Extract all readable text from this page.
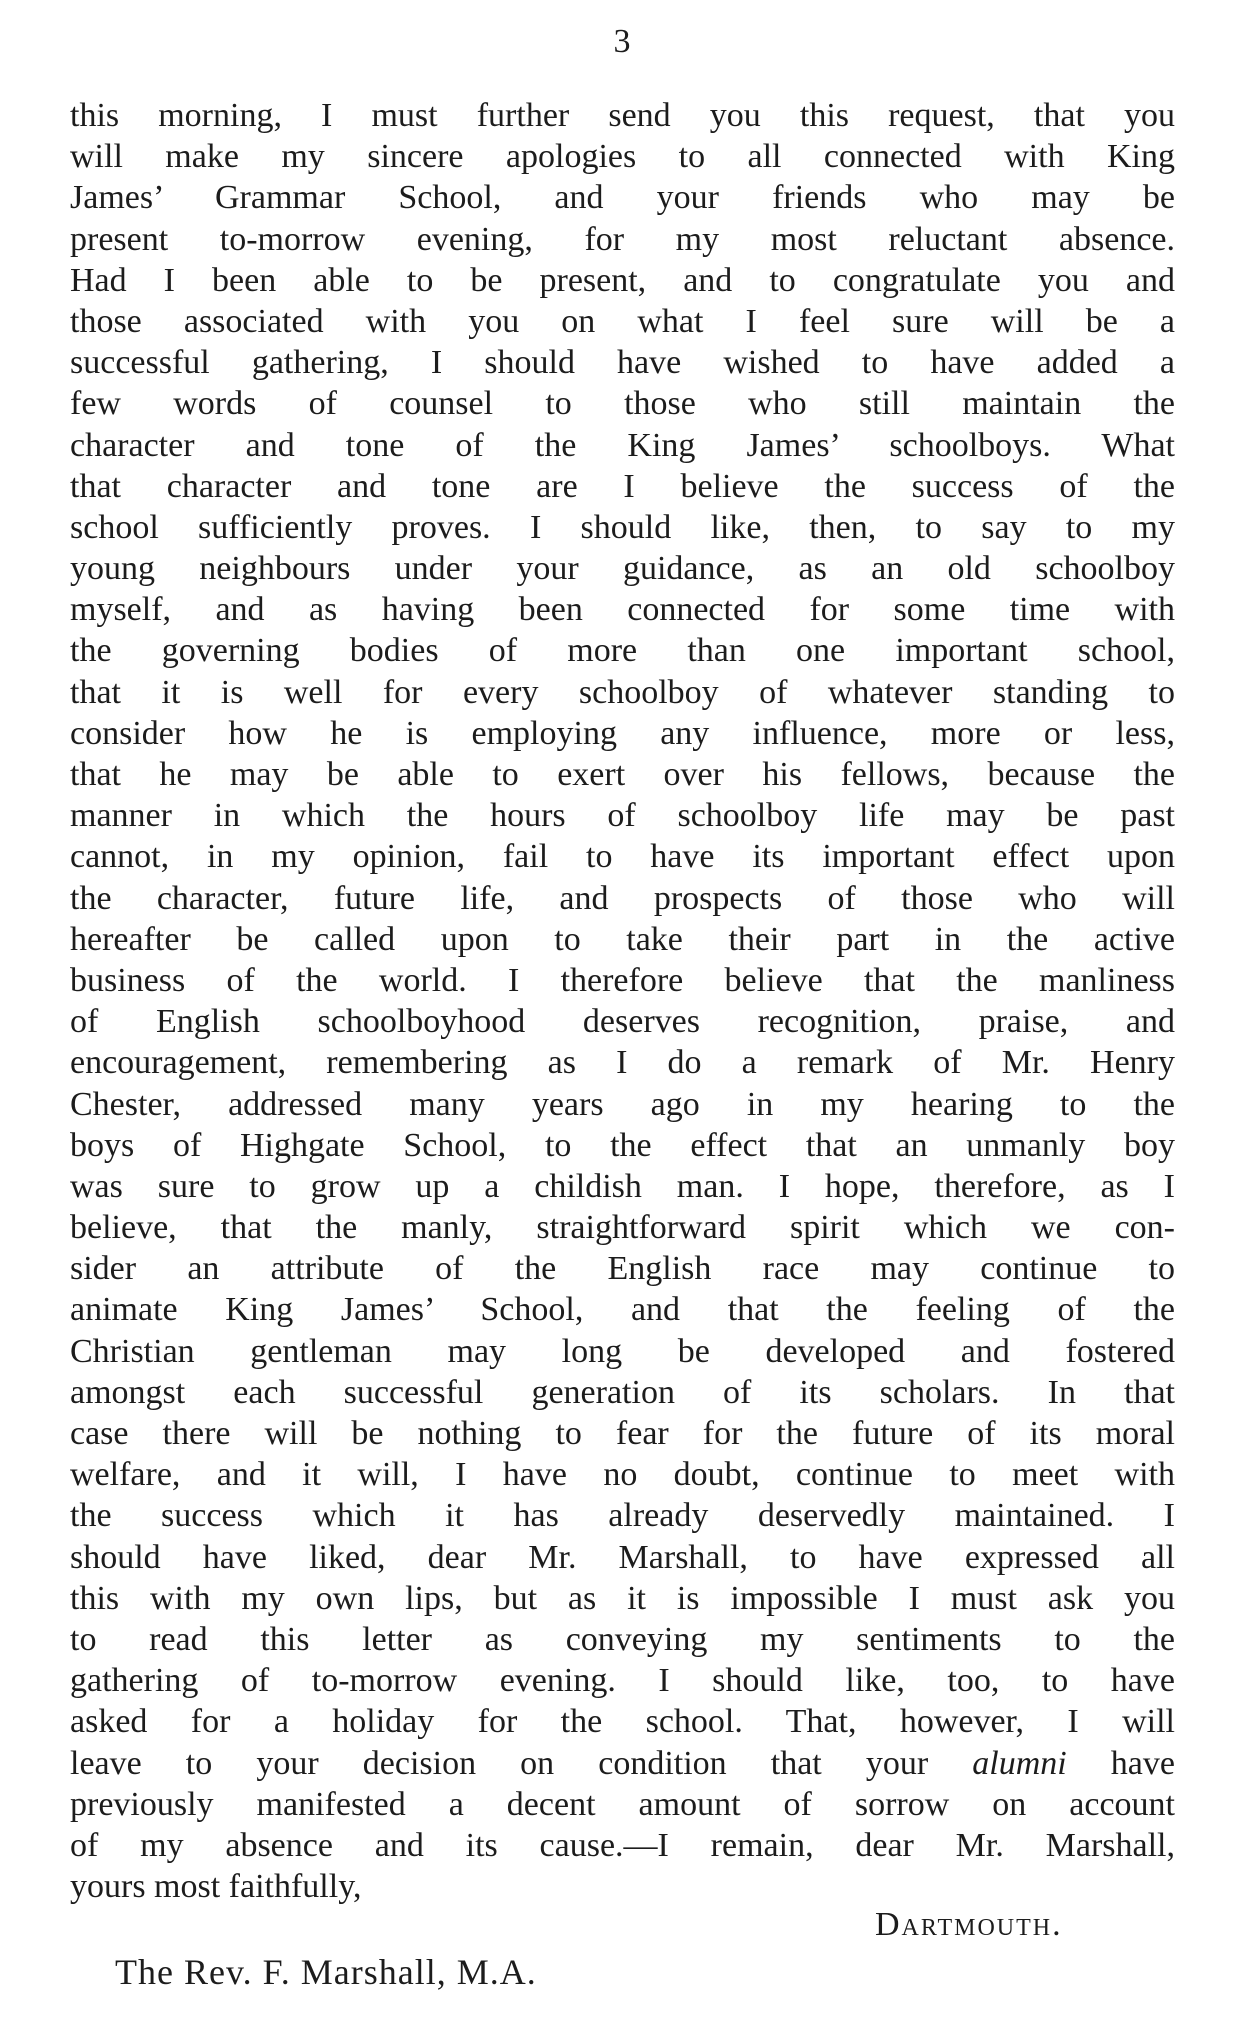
3
this morning, I must further send you this request, that you
will make my sincere apologies to all connected with King
James’ Grammar School, and your friends who may be
present to-morrow evening, for my most reluctant absence.
Had I been able to be present, and to congratulate you and
those associated with you on what I feel sure will be a
successful gathering, I should have wished to have added a
few words of counsel to those who still maintain the
character and tone of the King James’ schoolboys. What
that character and tone are I believe the success of the
school sufficiently proves. I should like, then, to say to my
young neighbours under your guidance, as an old schoolboy
myself, and as having been connected for some time with
the governing bodies of more than one important school,
that it is well for every schoolboy of whatever standing to
consider how he is employing any influence, more or less,
that he may be able to exert over his fellows, because the
manner in which the hours of schoolboy life may be past
cannot, in my opinion, fail to have its important effect upon
the character, future life, and prospects of those who will
hereafter be called upon to take their part in the active
business of the world. I therefore believe that the manliness
of English schoolboyhood deserves recognition, praise, and
encouragement, remembering as I do a remark of Mr. Henry
Chester, addressed many years ago in my hearing to the
boys of Highgate School, to the effect that an unmanly boy
was sure to grow up a childish man. I hope, therefore, as I
believe, that the manly, straightforward spirit which we con-
sider an attribute of the English race may continue to
animate King James’ School, and that the feeling of the
Christian gentleman may long be developed and fostered
amongst each successful generation of its scholars. In that
case there will be nothing to fear for the future of its moral
welfare, and it will, I have no doubt, continue to meet with
the success which it has already deservedly maintained. I
should have liked, dear Mr. Marshall, to have expressed all
this with my own lips, but as it is impossible I must ask you
to read this letter as conveying my sentiments to the
gathering of to-morrow evening. I should like, too, to have
asked for a holiday for the school. That, however, I will
leave to your decision on condition that your alumni have
previously manifested a decent amount of sorrow on account
of my absence and its cause.—I remain, dear Mr. Marshall,
yours most faithfully,
Dartmouth.
The Rev. F. Marshall, M.A.
